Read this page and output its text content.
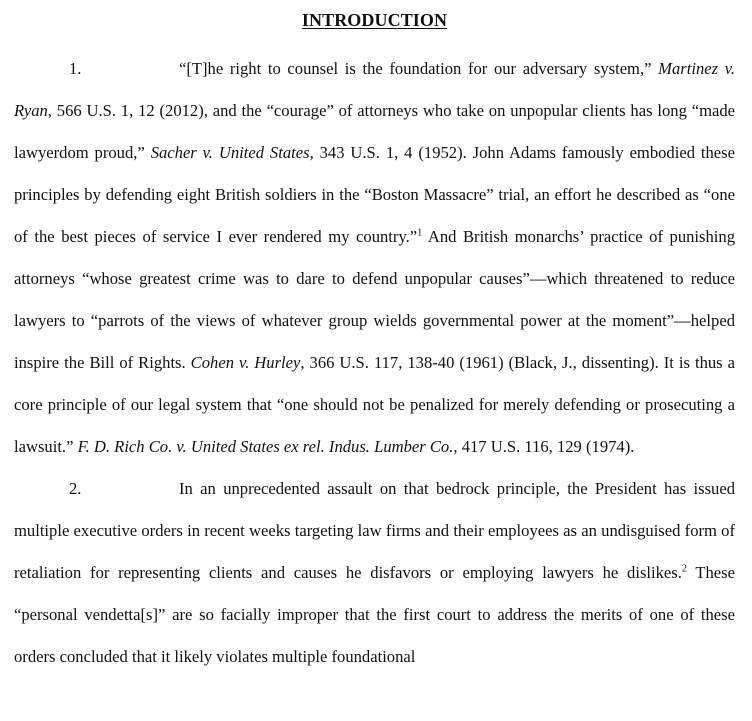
INTRODUCTION

1.	“[T]he right to counsel is the foundation for our adversary system,” Martinez v. Ryan, 566 U.S. 1, 12 (2012), and the “courage” of attorneys who take on unpopular clients has long “made lawyerdom proud,” Sacher v. United States, 343 U.S. 1, 4 (1952). John Adams famously embodied these principles by defending eight British soldiers in the “Boston Massacre” trial, an effort he described as “one of the best pieces of service I ever rendered my country.”$^1$ And British monarchs’ practice of punishing attorneys “whose greatest crime was to dare to defend unpopular causes”—which threatened to reduce lawyers to “parrots of the views of whatever group wields governmental power at the moment”—helped inspire the Bill of Rights. Cohen v. Hurley, 366 U.S. 117, 138-40 (1961) (Black, J., dissenting). It is thus a core principle of our legal system that “one should not be penalized for merely defending or prosecuting a lawsuit.” F. D. Rich Co. v. United States ex rel. Indus. Lumber Co., 417 U.S. 116, 129 (1974).

2.	In an unprecedented assault on that bedrock principle, the President has issued multiple executive orders in recent weeks targeting law firms and their employees as an undisguised form of retaliation for representing clients and causes he disfavors or employing lawyers he dislikes.$^2$ These “personal vendetta[s]” are so facially improper that the first court to address the merits of one of these orders concluded that it likely violates multiple foundational
